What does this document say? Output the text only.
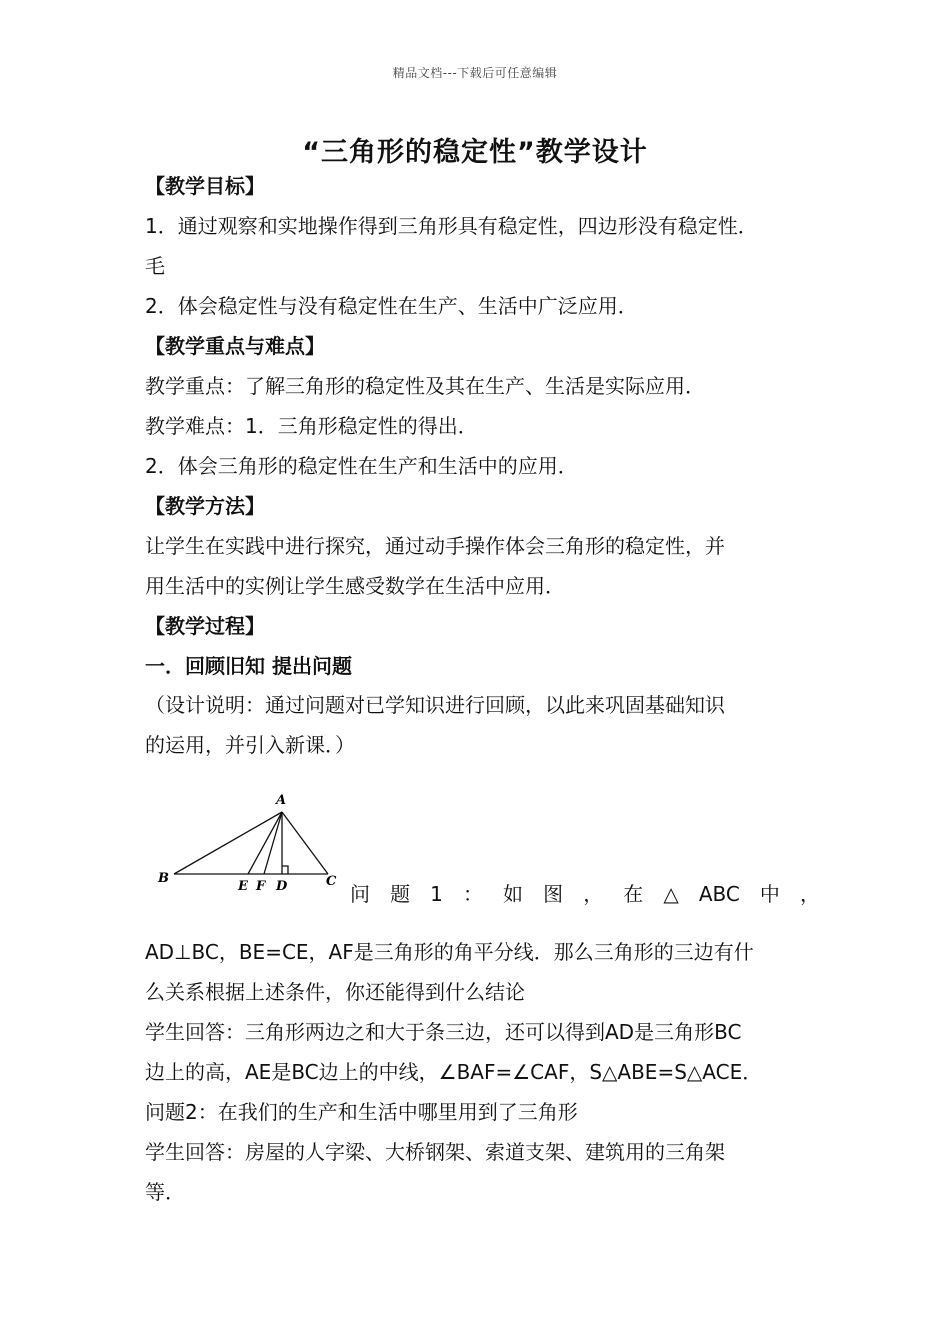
精品文档---下载后可任意编辑
“三角形的稳定性”教学设计
【教学目标】
1．通过观察和实地操作得到三角形具有稳定性，四边形没有稳定性．
毛
2．体会稳定性与没有稳定性在生产、生活中广泛应用．
【教学重点与难点】
教学重点：了解三角形的稳定性及其在生产、生活是实际应用．
教学难点：1．三角形稳定性的得出．
2．体会三角形的稳定性在生产和生活中的应用．
【教学方法】
让学生在实践中进行探究，通过动手操作体会三角形的稳定性，并
用生活中的实例让学生感受数学在生活中应用．
【教学过程】
一．回顾旧知 提出问题
（设计说明：通过问题对已学知识进行回顾，以此来巩固基础知识
的运用，并引入新课．）
A
B	C
E F D	问 题 1 ： 如 图 ， 在 △ ABC 中 ，
AD⊥BC，BE=CE，AF是三角形的角平分线．那么三角形的三边有什
么关系根据上述条件，你还能得到什么结论
学生回答：三角形两边之和大于条三边，还可以得到AD是三角形BC
边上的高，AE是BC边上的中线，∠BAF=∠CAF，S△ABE=S△ACE．
问题2：在我们的生产和生活中哪里用到了三角形
学生回答：房屋的人字梁、大桥钢架、索道支架、建筑用的三角架
等．
